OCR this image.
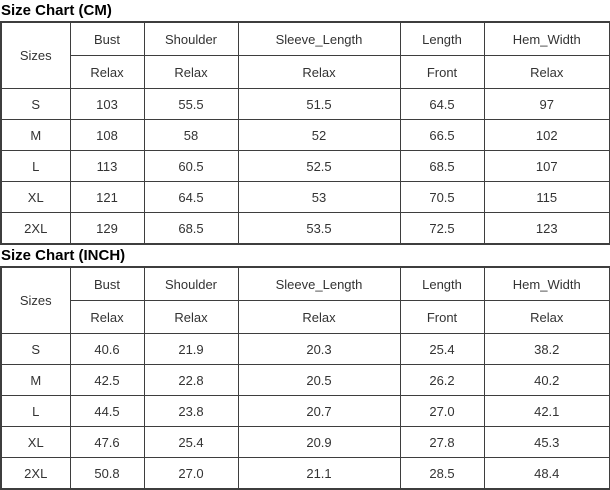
Size Chart (CM)
Sizes	Bust	Shoulder	Sleeve_Length	Length	Hem_Width
	Relax	Relax	Relax	Front	Relax
S	103	55.5	51.5	64.5	97
M	108	58	52	66.5	102
L	113	60.5	52.5	68.5	107
XL	121	64.5	53	70.5	115
2XL	129	68.5	53.5	72.5	123
Size Chart (INCH)
Sizes	Bust	Shoulder	Sleeve_Length	Length	Hem_Width
	Relax	Relax	Relax	Front	Relax
S	40.6	21.9	20.3	25.4	38.2
M	42.5	22.8	20.5	26.2	40.2
L	44.5	23.8	20.7	27.0	42.1
XL	47.6	25.4	20.9	27.8	45.3
2XL	50.8	27.0	21.1	28.5	48.4
